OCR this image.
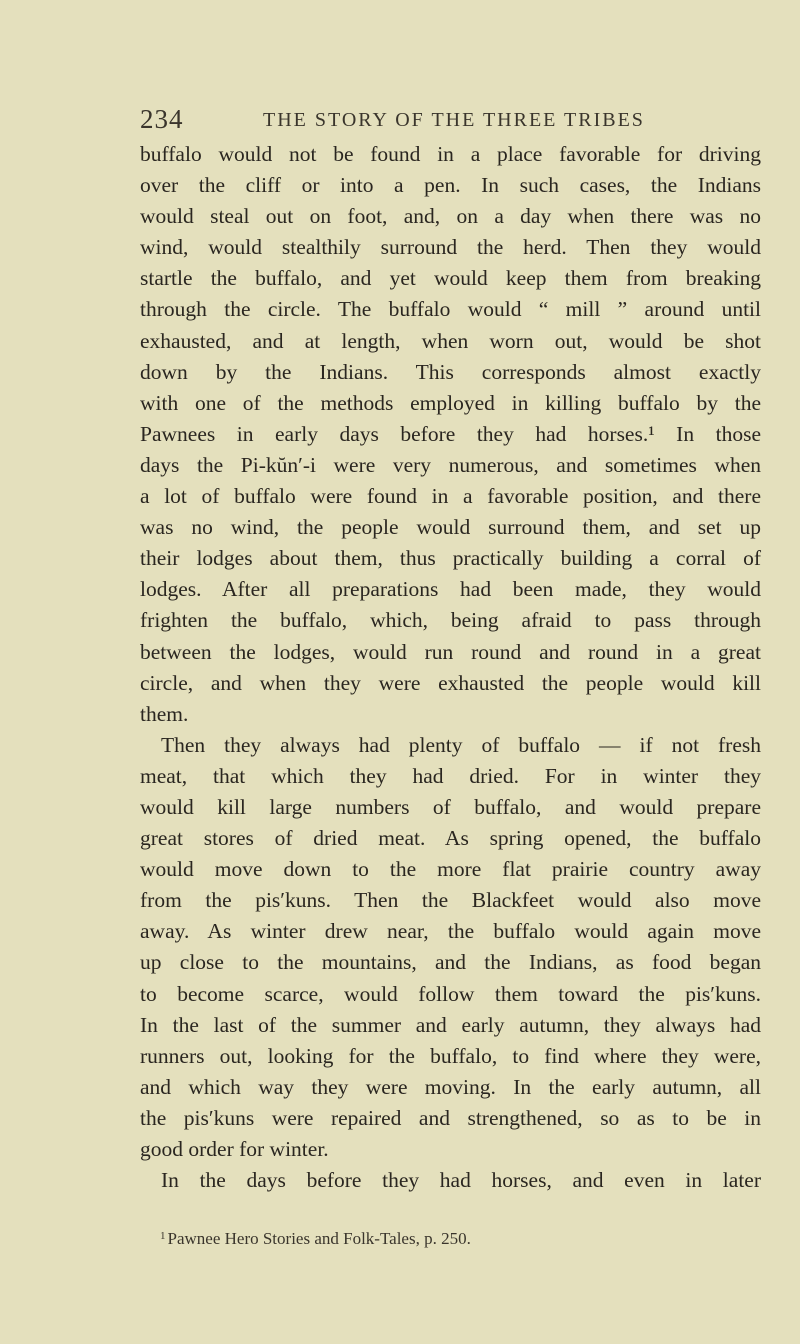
234	THE STORY OF THE THREE TRIBES
buffalo would not be found in a place favorable for driving
over the cliff or into a pen. In such cases, the Indians
would steal out on foot, and, on a day when there was no
wind, would stealthily surround the herd. Then they would
startle the buffalo, and yet would keep them from breaking
through the circle. The buffalo would “ mill ” around until
exhausted, and at length, when worn out, would be shot
down by the Indians. This corresponds almost exactly
with one of the methods employed in killing buffalo by the
Pawnees in early days before they had horses.¹ In those
days the Pi-kŭn′-i were very numerous, and sometimes when
a lot of buffalo were found in a favorable position, and there
was no wind, the people would surround them, and set up
their lodges about them, thus practically building a corral of
lodges. After all preparations had been made, they would
frighten the buffalo, which, being afraid to pass through
between the lodges, would run round and round in a great
circle, and when they were exhausted the people would kill
them.
Then they always had plenty of buffalo — if not fresh
meat, that which they had dried. For in winter they
would kill large numbers of buffalo, and would prepare
great stores of dried meat. As spring opened, the buffalo
would move down to the more flat prairie country away
from the pis′kuns. Then the Blackfeet would also move
away. As winter drew near, the buffalo would again move
up close to the mountains, and the Indians, as food began
to become scarce, would follow them toward the pis′kuns.
In the last of the summer and early autumn, they always had
runners out, looking for the buffalo, to find where they were,
and which way they were moving. In the early autumn, all
the pis′kuns were repaired and strengthened, so as to be in
good order for winter.
In the days before they had horses, and even in later
$^1$ Pawnee Hero Stories and Folk-Tales, p. 250.
